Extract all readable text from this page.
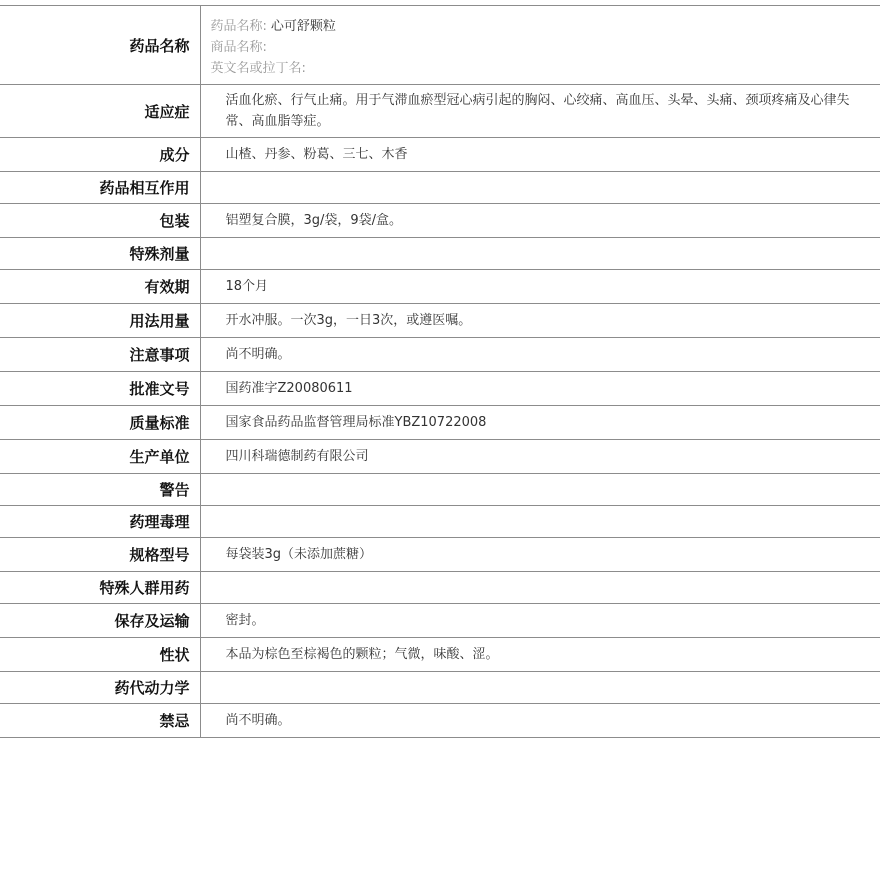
药品名称	药品名称: 心可舒颗粒
商品名称:
英文名或拉丁名:

适应症	活血化瘀、行气止痛。用于气滞血瘀型冠心病引起的胸闷、心绞痛、高血压、头晕、头痛、颈项疼痛及心律失常、高血脂等症。
成分	山楂、丹参、粉葛、三七、木香
药品相互作用	
包装	铝塑复合膜，3g/袋，9袋/盒。
特殊剂量	
有效期	18个月
用法用量	开水冲服。一次3g，一日3次，或遵医嘱。
注意事项	尚不明确。
批准文号	国药准字Z20080611
质量标准	国家食品药品监督管理局标准YBZ10722008
生产单位	四川科瑞德制药有限公司
警告	
药理毒理	
规格型号	每袋装3g（未添加蔗糖）
特殊人群用药	
保存及运输	密封。
性状	本品为棕色至棕褐色的颗粒；气微，味酸、涩。
药代动力学	
禁忌	尚不明确。
